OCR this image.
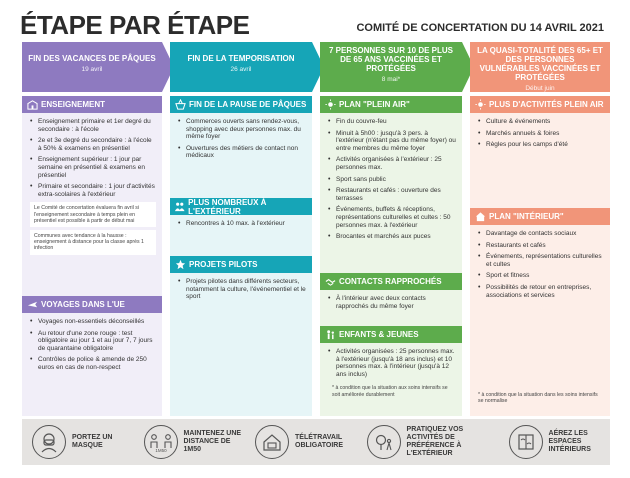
ÉTAPE PAR ÉTAPE	COMITÉ DE CONCERTATION DU 14 AVRIL 2021
FIN DES VACANCES DE PÂQUES
19 avril
FIN DE LA TEMPORISATION
26 avril
7 PERSONNES SUR 10 DE PLUS DE 65 ANS VACCINÉES ET PROTÉGÉES
8 mai*
LA QUASI-TOTALITÉ DES 65+ ET DES PERSONNES VULNÉRABLES VACCINÉES ET PROTÉGÉES
Début juin
ENSEIGNEMENT
• Enseignement primaire et 1er degré du secondaire : à l'école
• 2e et 3e degré du secondaire : à l'école à 50% & examens en présentiel
• Enseignement supérieur : 1 jour par semaine en présentiel & examens en présentiel
• Primaire et secondaire : 1 jour d'activités extra-scolaires à l'extérieur
Le Comité de concertation évaluera fin avril si l'enseignement secondaire à temps plein en présentiel est possible à partir de début mai
Communes avec tendance à la hausse : enseignement à distance pour la classe après 1 infection
VOYAGES DANS L'UE
• Voyages non-essentiels déconseillés
• Au retour d'une zone rouge : test obligatoire au jour 1 et au jour 7, 7 jours de quarantaine obligatoire
• Contrôles de police & amende de 250 euros en cas de non-respect
FIN DE LA PAUSE DE PÂQUES
• Commerces ouverts sans rendez-vous, shopping avec deux personnes max. du même foyer
• Ouvertures des métiers de contact non médicaux
PLUS NOMBREUX À L'EXTÉRIEUR
• Rencontres à 10 max. à l'extérieur
PROJETS PILOTS
• Projets pilotes dans différents secteurs, notamment la culture, l'événementiel et le sport
PLAN "PLEIN AIR"
• Fin du couvre-feu
• Minuit à 5h00 : jusqu'à 3 pers. à l'extérieur (n'étant pas du même foyer) ou entre membres du même foyer
• Activités organisées à l'extérieur : 25 personnes max.
• Sport sans public
• Restaurants et cafés : ouverture des terrasses
• Événements, buffets & réceptions, représentations culturelles et cultes : 50 personnes max. à l'extérieur
• Brocantes et marchés aux puces
CONTACTS RAPPROCHÉS
• À l'intérieur avec deux contacts rapprochés du même foyer
ENFANTS & JEUNES
• Activités organisées : 25 personnes max. à l'extérieur (jusqu'à 18 ans inclus) et 10 personnes max. à l'intérieur (jusqu'à 12 ans inclus)
* à condition que la situation aux soins intensifs se soit améliorée durablement
PLUS D'ACTIVITÉS PLEIN AIR
• Culture & événements
• Marchés annuels & foires
• Règles pour les camps d'été
PLAN "INTÉRIEUR"
• Davantage de contacts sociaux
• Restaurants et cafés
• Événements, représentations culturelles et cultes
• Sport et fitness
• Possibilités de retour en entreprises, associations et services
* à condition que la situation dans les soins intensifs se normalise
PORTEZ UN MASQUE
1M50
MAINTENEZ UNE DISTANCE DE 1M50
TÉLÉTRAVAIL OBLIGATOIRE
PRATIQUEZ VOS ACTIVITÉS DE PRÉFÉRENCE À L'EXTÉRIEUR
AÉREZ LES ESPACES INTÉRIEURS
